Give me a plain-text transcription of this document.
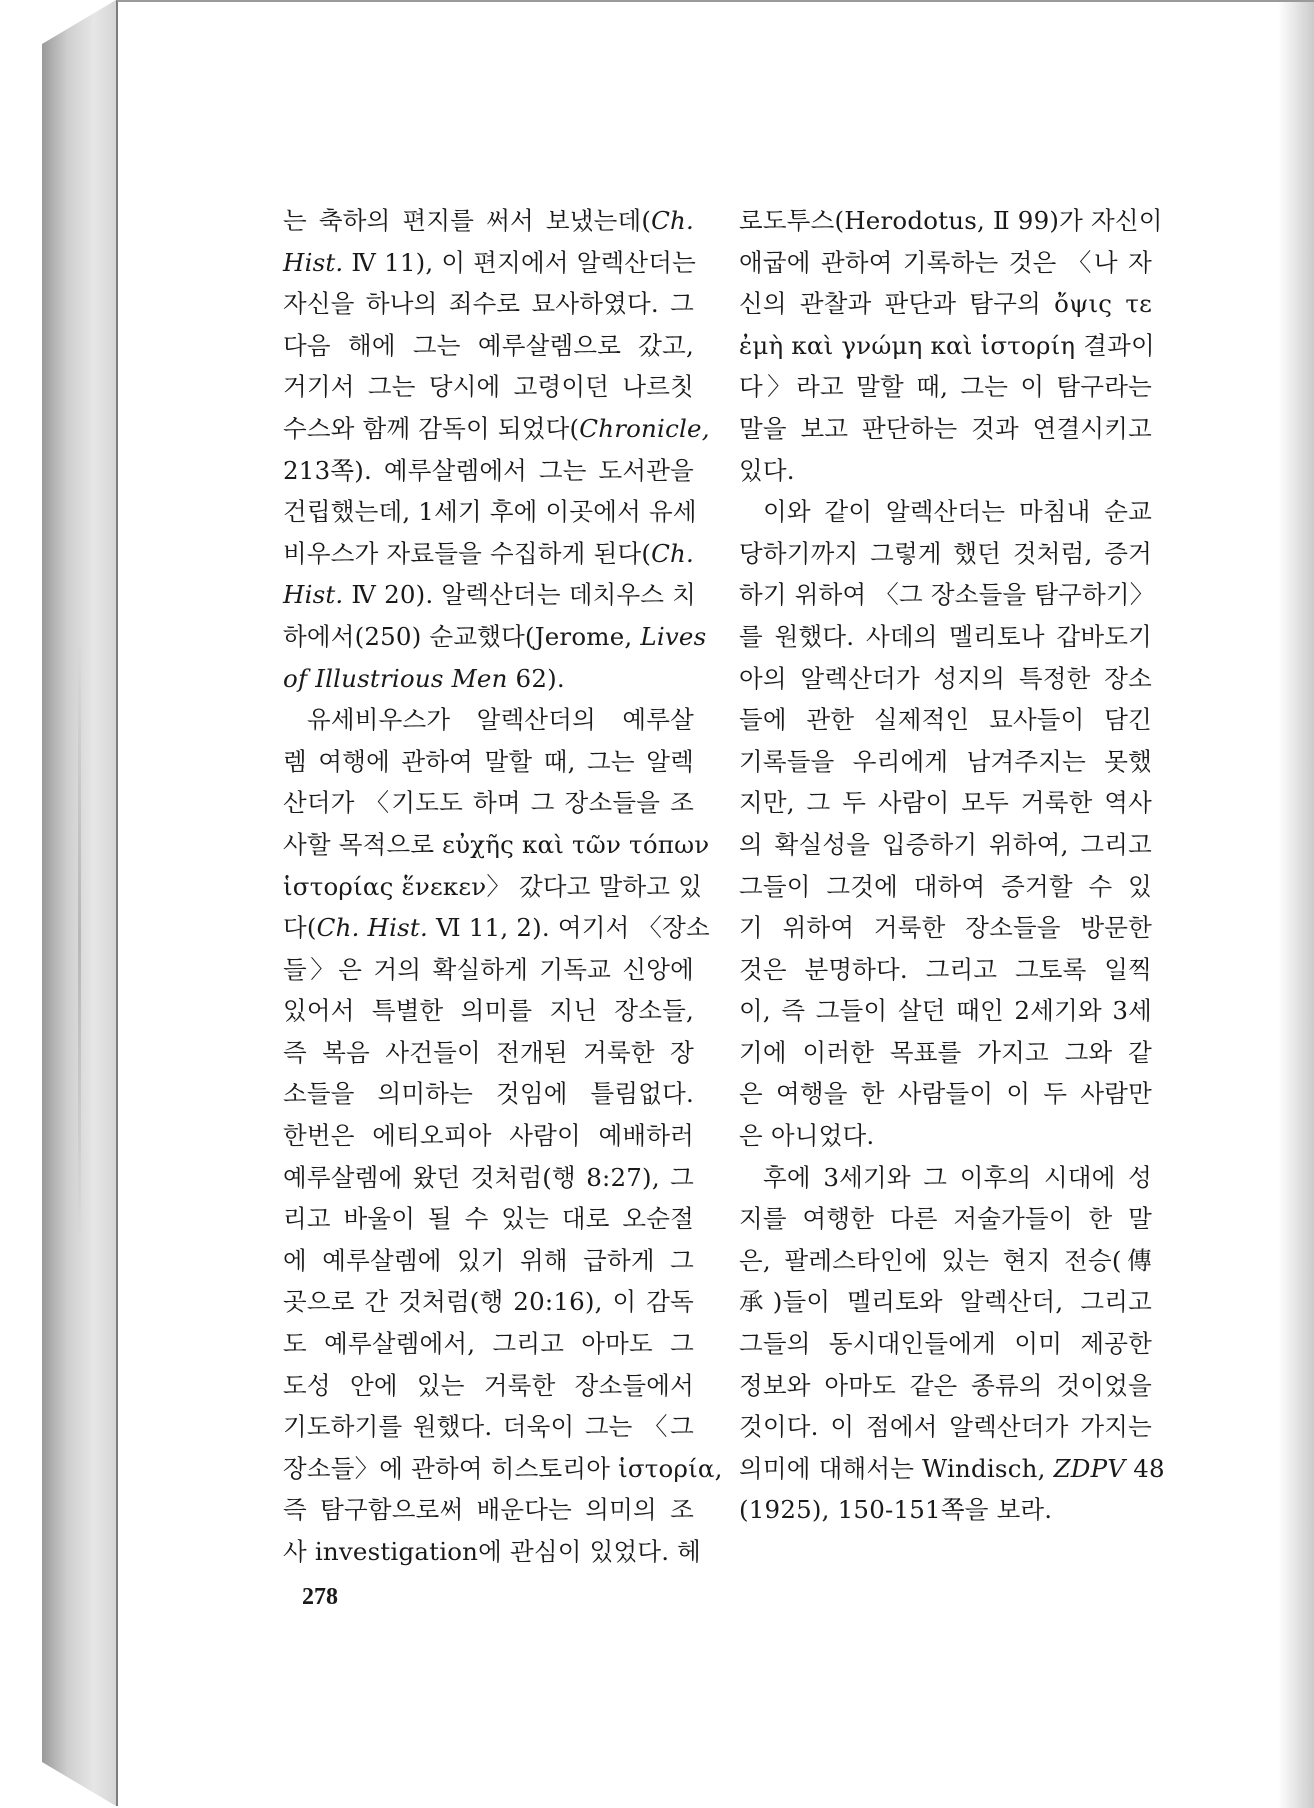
는 축하의 편지를 써서 보냈는데(Ch.
Hist. Ⅳ 11), 이 편지에서 알렉산더는
자신을 하나의 죄수로 묘사하였다. 그
다음 해에 그는 예루살렘으로 갔고,
거기서 그는 당시에 고령이던 나르칫
수스와 함께 감독이 되었다(Chronicle,
213쪽). 예루살렘에서 그는 도서관을
건립했는데, 1세기 후에 이곳에서 유세
비우스가 자료들을 수집하게 된다(Ch.
Hist. Ⅳ 20). 알렉산더는 데치우스 치
하에서(250) 순교했다(Jerome, Lives
of Illustrious Men 62).
유세비우스가 알렉산더의 예루살
렘 여행에 관하여 말할 때, 그는 알렉
산더가 〈기도도 하며 그 장소들을 조
사할 목적으로 εὐχῆς καὶ τῶν τόπων
ἱστορίας ἕνεκεν〉 갔다고 말하고 있
다(Ch. Hist. Ⅵ 11, 2). 여기서 〈장소
들〉은 거의 확실하게 기독교 신앙에
있어서 특별한 의미를 지닌 장소들,
즉 복음 사건들이 전개된 거룩한 장
소들을 의미하는 것임에 틀림없다.
한번은 에티오피아 사람이 예배하러
예루살렘에 왔던 것처럼(행 8:27), 그
리고 바울이 될 수 있는 대로 오순절
에 예루살렘에 있기 위해 급하게 그
곳으로 간 것처럼(행 20:16), 이 감독
도 예루살렘에서, 그리고 아마도 그
도성 안에 있는 거룩한 장소들에서
기도하기를 원했다. 더욱이 그는 〈그
장소들〉에 관하여 히스토리아 ἱστορία,
즉 탐구함으로써 배운다는 의미의 조
사 investigation에 관심이 있었다. 헤
로도투스(Herodotus, Ⅱ 99)가 자신이
애굽에 관하여 기록하는 것은 〈나 자
신의 관찰과 판단과 탐구의 ὄψις τε
ἐμὴ καὶ γνώμη καὶ ἱστορίη 결과이
다〉라고 말할 때, 그는 이 탐구라는
말을 보고 판단하는 것과 연결시키고
있다.
이와 같이 알렉산더는 마침내 순교
당하기까지 그렇게 했던 것처럼, 증거
하기 위하여 〈그 장소들을 탐구하기〉
를 원했다. 사데의 멜리토나 갑바도기
아의 알렉산더가 성지의 특정한 장소
들에 관한 실제적인 묘사들이 담긴
기록들을 우리에게 남겨주지는 못했
지만, 그 두 사람이 모두 거룩한 역사
의 확실성을 입증하기 위하여, 그리고
그들이 그것에 대하여 증거할 수 있
기 위하여 거룩한 장소들을 방문한
것은 분명하다. 그리고 그토록 일찍
이, 즉 그들이 살던 때인 2세기와 3세
기에 이러한 목표를 가지고 그와 같
은 여행을 한 사람들이 이 두 사람만
은 아니었다.
후에 3세기와 그 이후의 시대에 성
지를 여행한 다른 저술가들이 한 말
은, 팔레스타인에 있는 현지 전승(傳
承)들이 멜리토와 알렉산더, 그리고
그들의 동시대인들에게 이미 제공한
정보와 아마도 같은 종류의 것이었을
것이다. 이 점에서 알렉산더가 가지는
의미에 대해서는 Windisch, ZDPV 48
(1925), 150-151쪽을 보라.
278
